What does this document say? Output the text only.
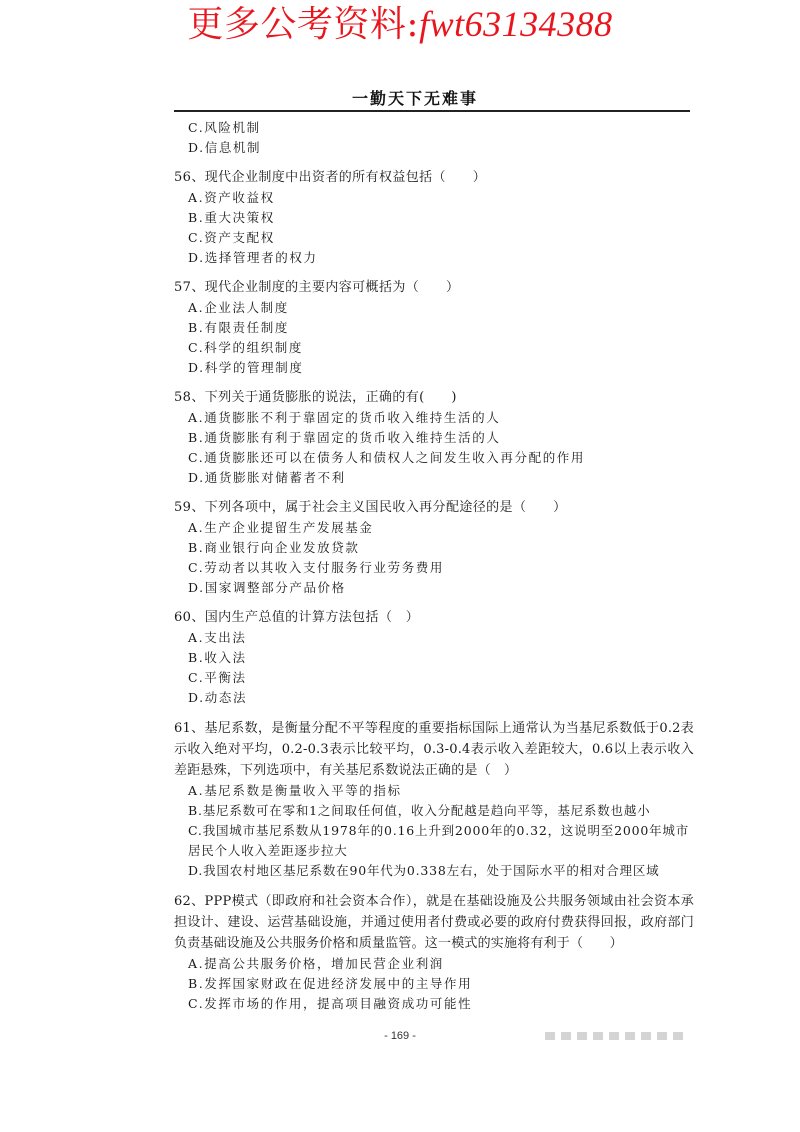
更多公考资料:fwt63134388
一勤天下无难事
C.风险机制
D.信息机制
56、现代企业制度中出资者的所有权益包括（　　）
A.资产收益权
B.重大决策权
C.资产支配权
D.选择管理者的权力
57、现代企业制度的主要内容可概括为（　　）
A.企业法人制度
B.有限责任制度
C.科学的组织制度
D.科学的管理制度
58、下列关于通货膨胀的说法，正确的有(　　)
A.通货膨胀不利于靠固定的货币收入维持生活的人
B.通货膨胀有利于靠固定的货币收入维持生活的人
C.通货膨胀还可以在债务人和债权人之间发生收入再分配的作用
D.通货膨胀对储蓄者不利
59、下列各项中，属于社会主义国民收入再分配途径的是（　　）
A.生产企业提留生产发展基金
B.商业银行向企业发放贷款
C.劳动者以其收入支付服务行业劳务费用
D.国家调整部分产品价格
60、国内生产总值的计算方法包括（　）
A.支出法
B.收入法
C.平衡法
D.动态法
61、基尼系数，是衡量分配不平等程度的重要指标国际上通常认为当基尼系数低于0.2表示收入绝对平均，0.2-0.3表示比较平均，0.3-0.4表示收入差距较大，0.6以上表示收入差距悬殊，下列选项中，有关基尼系数说法正确的是（　）
A.基尼系数是衡量收入平等的指标
B.基尼系数可在零和1之间取任何值，收入分配越是趋向平等，基尼系数也越小
C.我国城市基尼系数从1978年的0.16上升到2000年的0.32，这说明至2000年城市居民个人收入差距逐步拉大
D.我国农村地区基尼系数在90年代为0.338左右，处于国际水平的相对合理区域
62、PPP模式（即政府和社会资本合作），就是在基础设施及公共服务领域由社会资本承担设计、建设、运营基础设施，并通过使用者付费或必要的政府付费获得回报，政府部门负责基础设施及公共服务价格和质量监管。这一模式的实施将有利于（　　）
A.提高公共服务价格，增加民营企业利润
B.发挥国家财政在促进经济发展中的主导作用
C.发挥市场的作用，提高项目融资成功可能性
- 169 -
